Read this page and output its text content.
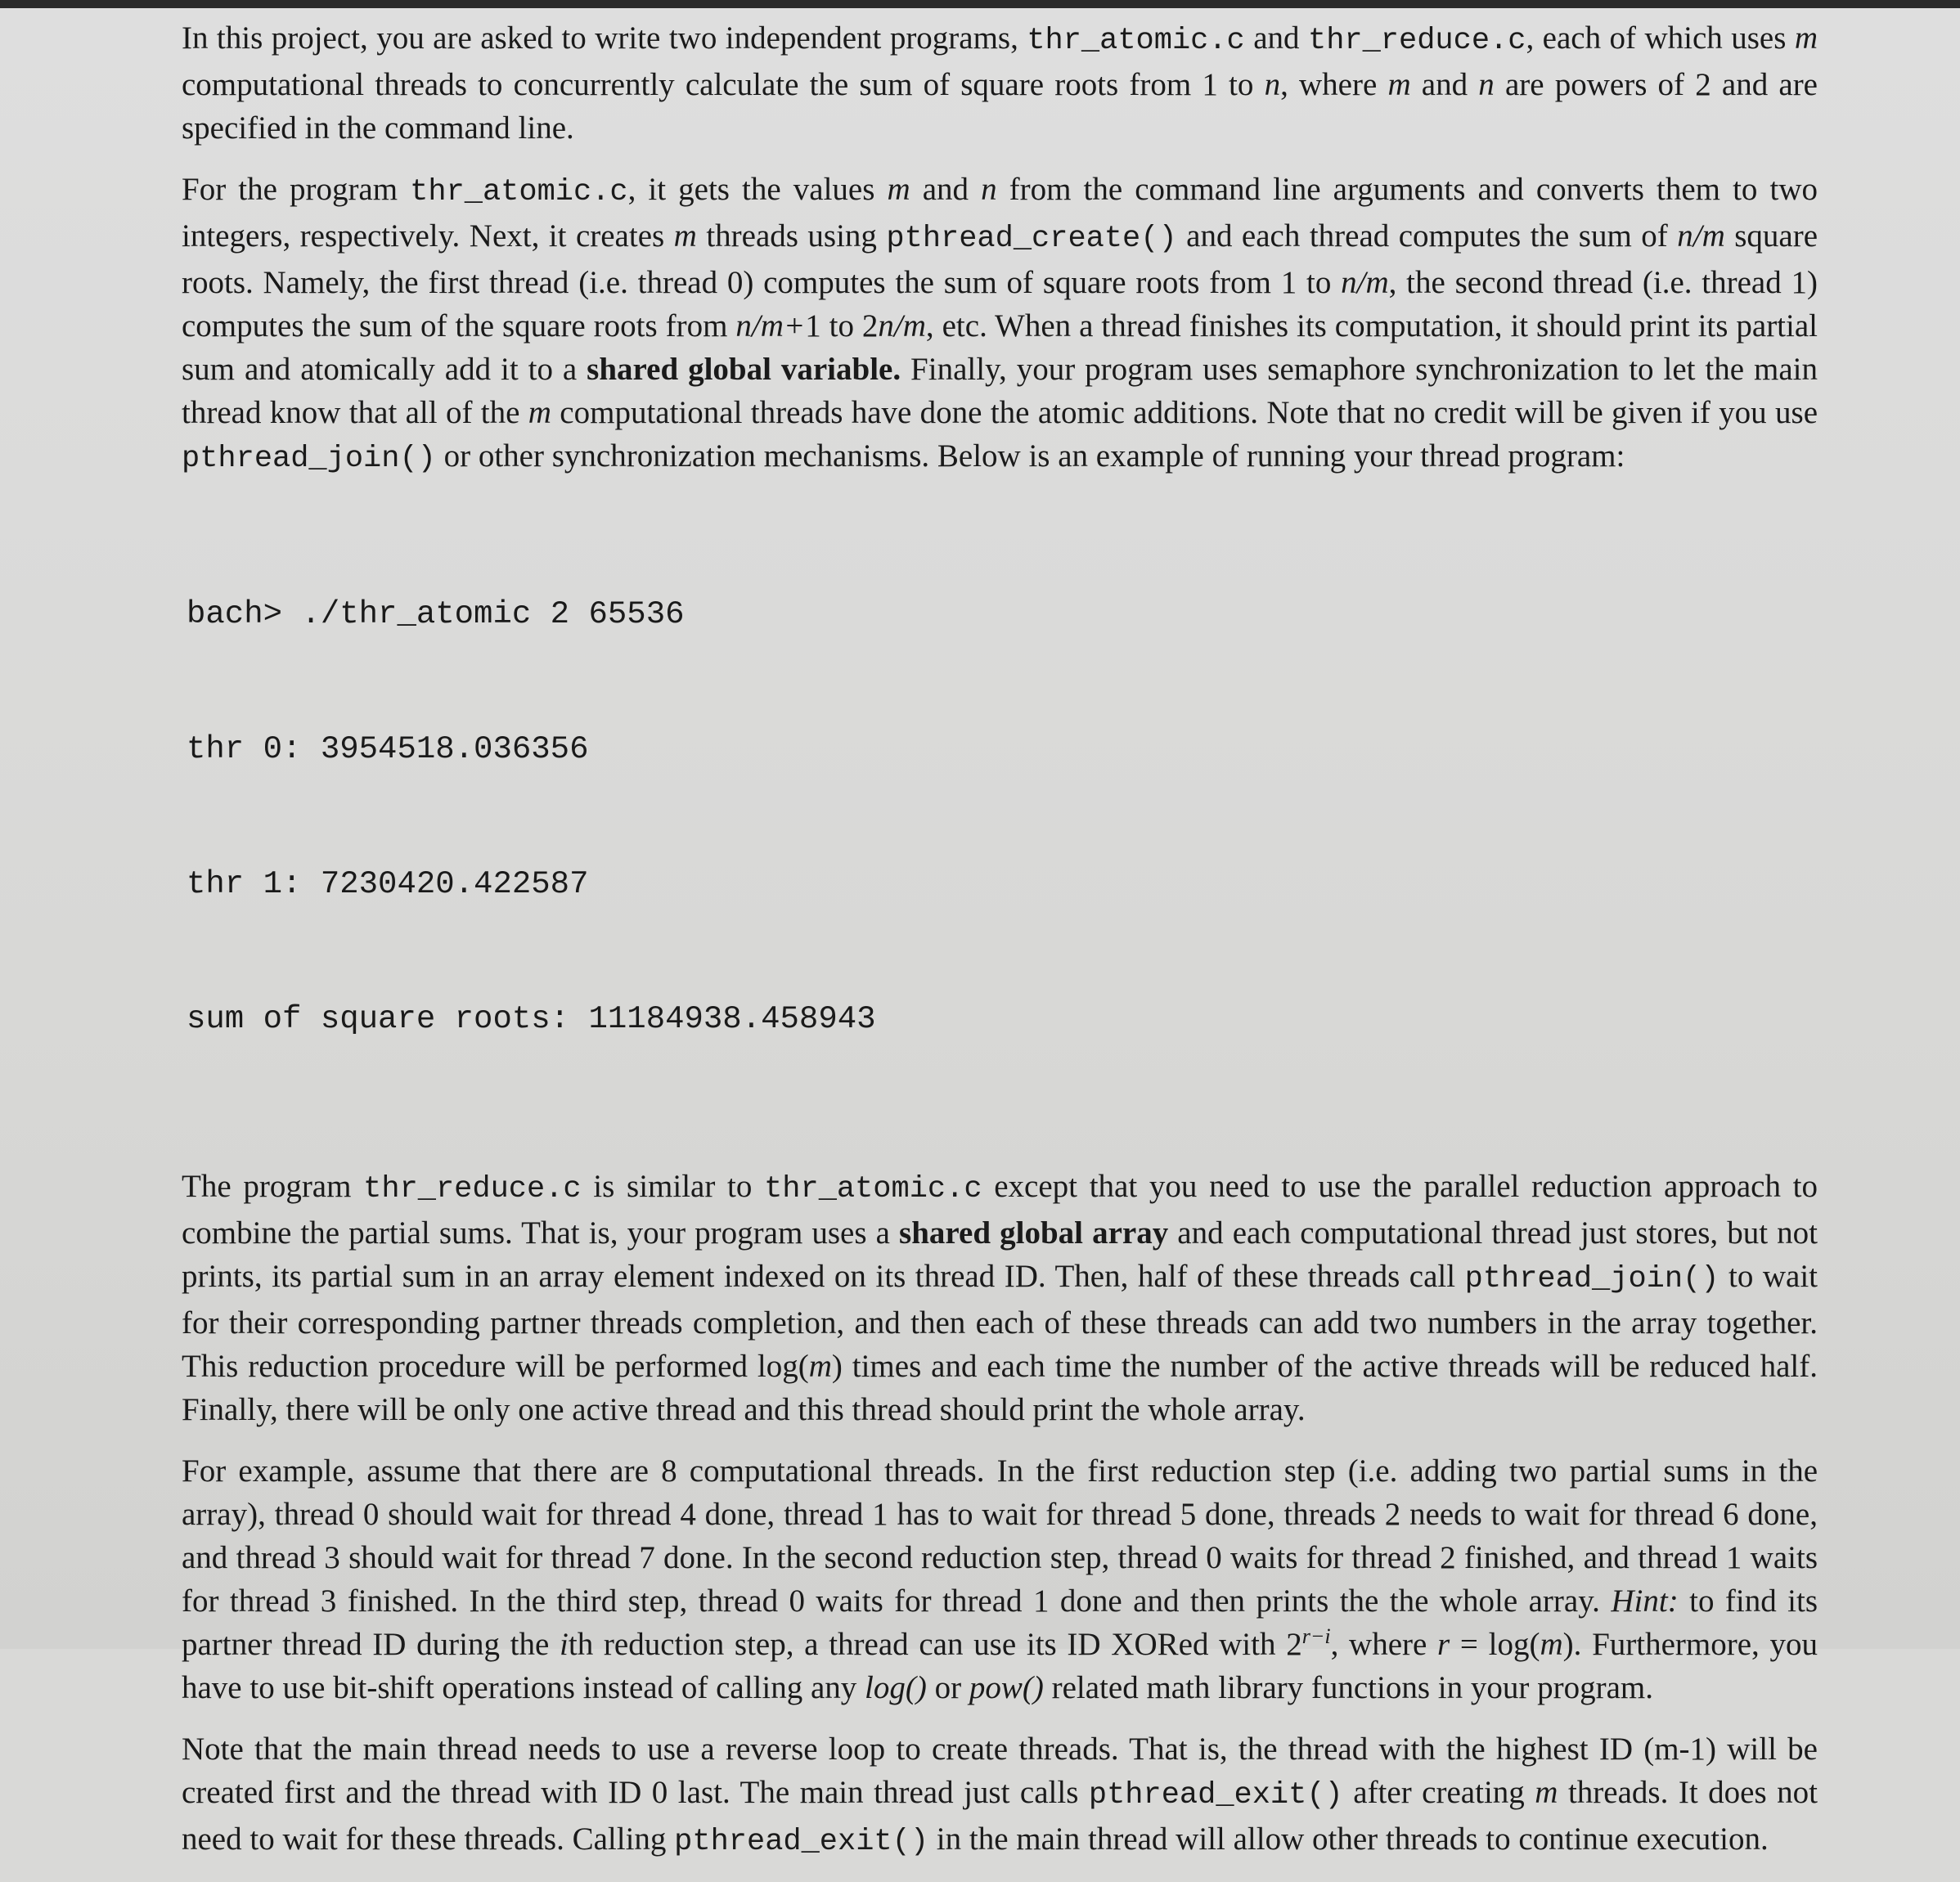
In this project, you are asked to write two independent programs, thr_atomic.c and thr_reduce.c, each of which uses m computational threads to concurrently calculate the sum of square roots from 1 to n, where m and n are powers of 2 and are specified in the command line.

For the program thr_atomic.c, it gets the values m and n from the command line arguments and converts them to two integers, respectively. Next, it creates m threads using pthread_create() and each thread computes the sum of n/m square roots. Namely, the first thread (i.e. thread 0) computes the sum of square roots from 1 to n/m, the second thread (i.e. thread 1) computes the sum of the square roots from n/m+1 to 2n/m, etc. When a thread finishes its computation, it should print its partial sum and atomically add it to a shared global variable. Finally, your program uses semaphore synchronization to let the main thread know that all of the m computational threads have done the atomic additions. Note that no credit will be given if you use pthread_join() or other synchronization mechanisms. Below is an example of running your thread program:

bach> ./thr_atomic 2 65536

thr 0: 3954518.036356

thr 1: 7230420.422587

sum of square roots: 11184938.458943

The program thr_reduce.c is similar to thr_atomic.c except that you need to use the parallel reduction approach to combine the partial sums. That is, your program uses a shared global array and each computational thread just stores, but not prints, its partial sum in an array element indexed on its thread ID. Then, half of these threads call pthread_join() to wait for their corresponding partner threads completion, and then each of these threads can add two numbers in the array together. This reduction procedure will be performed log(m) times and each time the number of the active threads will be reduced half. Finally, there will be only one active thread and this thread should print the whole array.

For example, assume that there are 8 computational threads. In the first reduction step (i.e. adding two partial sums in the array), thread 0 should wait for thread 4 done, thread 1 has to wait for thread 5 done, threads 2 needs to wait for thread 6 done, and thread 3 should wait for thread 7 done. In the second reduction step, thread 0 waits for thread 2 finished, and thread 1 waits for thread 3 finished. In the third step, thread 0 waits for thread 1 done and then prints the the whole array. Hint: to find its partner thread ID during the ith reduction step, a thread can use its ID XORed with $2^{r-i}$, where r = log(m). Furthermore, you have to use bit-shift operations instead of calling any log() or pow() related math library functions in your program.

Note that the main thread needs to use a reverse loop to create threads. That is, the thread with the highest ID (m-1) will be created first and the thread with ID 0 last. The main thread just calls pthread_exit() after creating m threads. It does not need to wait for these threads. Calling pthread_exit() in the main thread will allow other threads to continue execution.
